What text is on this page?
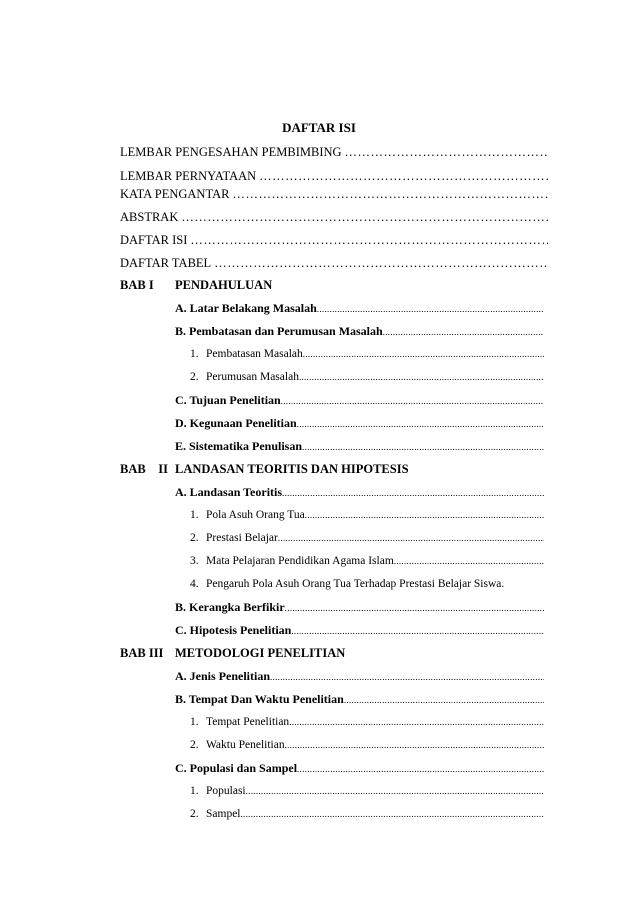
DAFTAR ISI
LEMBAR PENGESAHAN PEMBIMBING
………………………………………………………………………………………………………………………………………………
LEMBAR PERNYATAAN
………………………………………………………………………………………………………………………………………………
KATA PENGANTAR
………………………………………………………………………………………………………………………………………………
ABSTRAK
………………………………………………………………………………………………………………………………………………
DAFTAR ISI
………………………………………………………………………………………………………………………………………………
DAFTAR TABEL
………………………………………………………………………………………………………………………………………………
BAB I	PENDAHULUAN
A. Latar Belakang Masalah
.....
B. Pembatasan dan Perumusan Masalah
.....
1. Pembatasan Masalah
.....
2. Perumusan Masalah
.....
C. Tujuan Penelitian
.....
D. Kegunaan Penelitian
.....
E. Sistematika Penulisan
.....
BAB    II LANDASAN TEORITIS DAN HIPOTESIS
A. Landasan Teoritis
.....
1. Pola Asuh Orang Tua
.....
2. Prestasi Belajar
.....
3. Mata Pelajaran Pendidikan Agama Islam
.....
4. Pengaruh Pola Asuh Orang Tua Terhadap Prestasi Belajar Siswa.
B. Kerangka Berfikir
.....
C. Hipotesis Penelitian
.....
BAB III METODOLOGI PENELITIAN
A. Jenis Penelitian
.....
B. Tempat Dan Waktu Penelitian
.....
1. Tempat Penelitian
.....
2. Waktu Penelitian
.....
C. Populasi dan Sampel
.....
1. Populasi
.....
2. Sampel
.....
